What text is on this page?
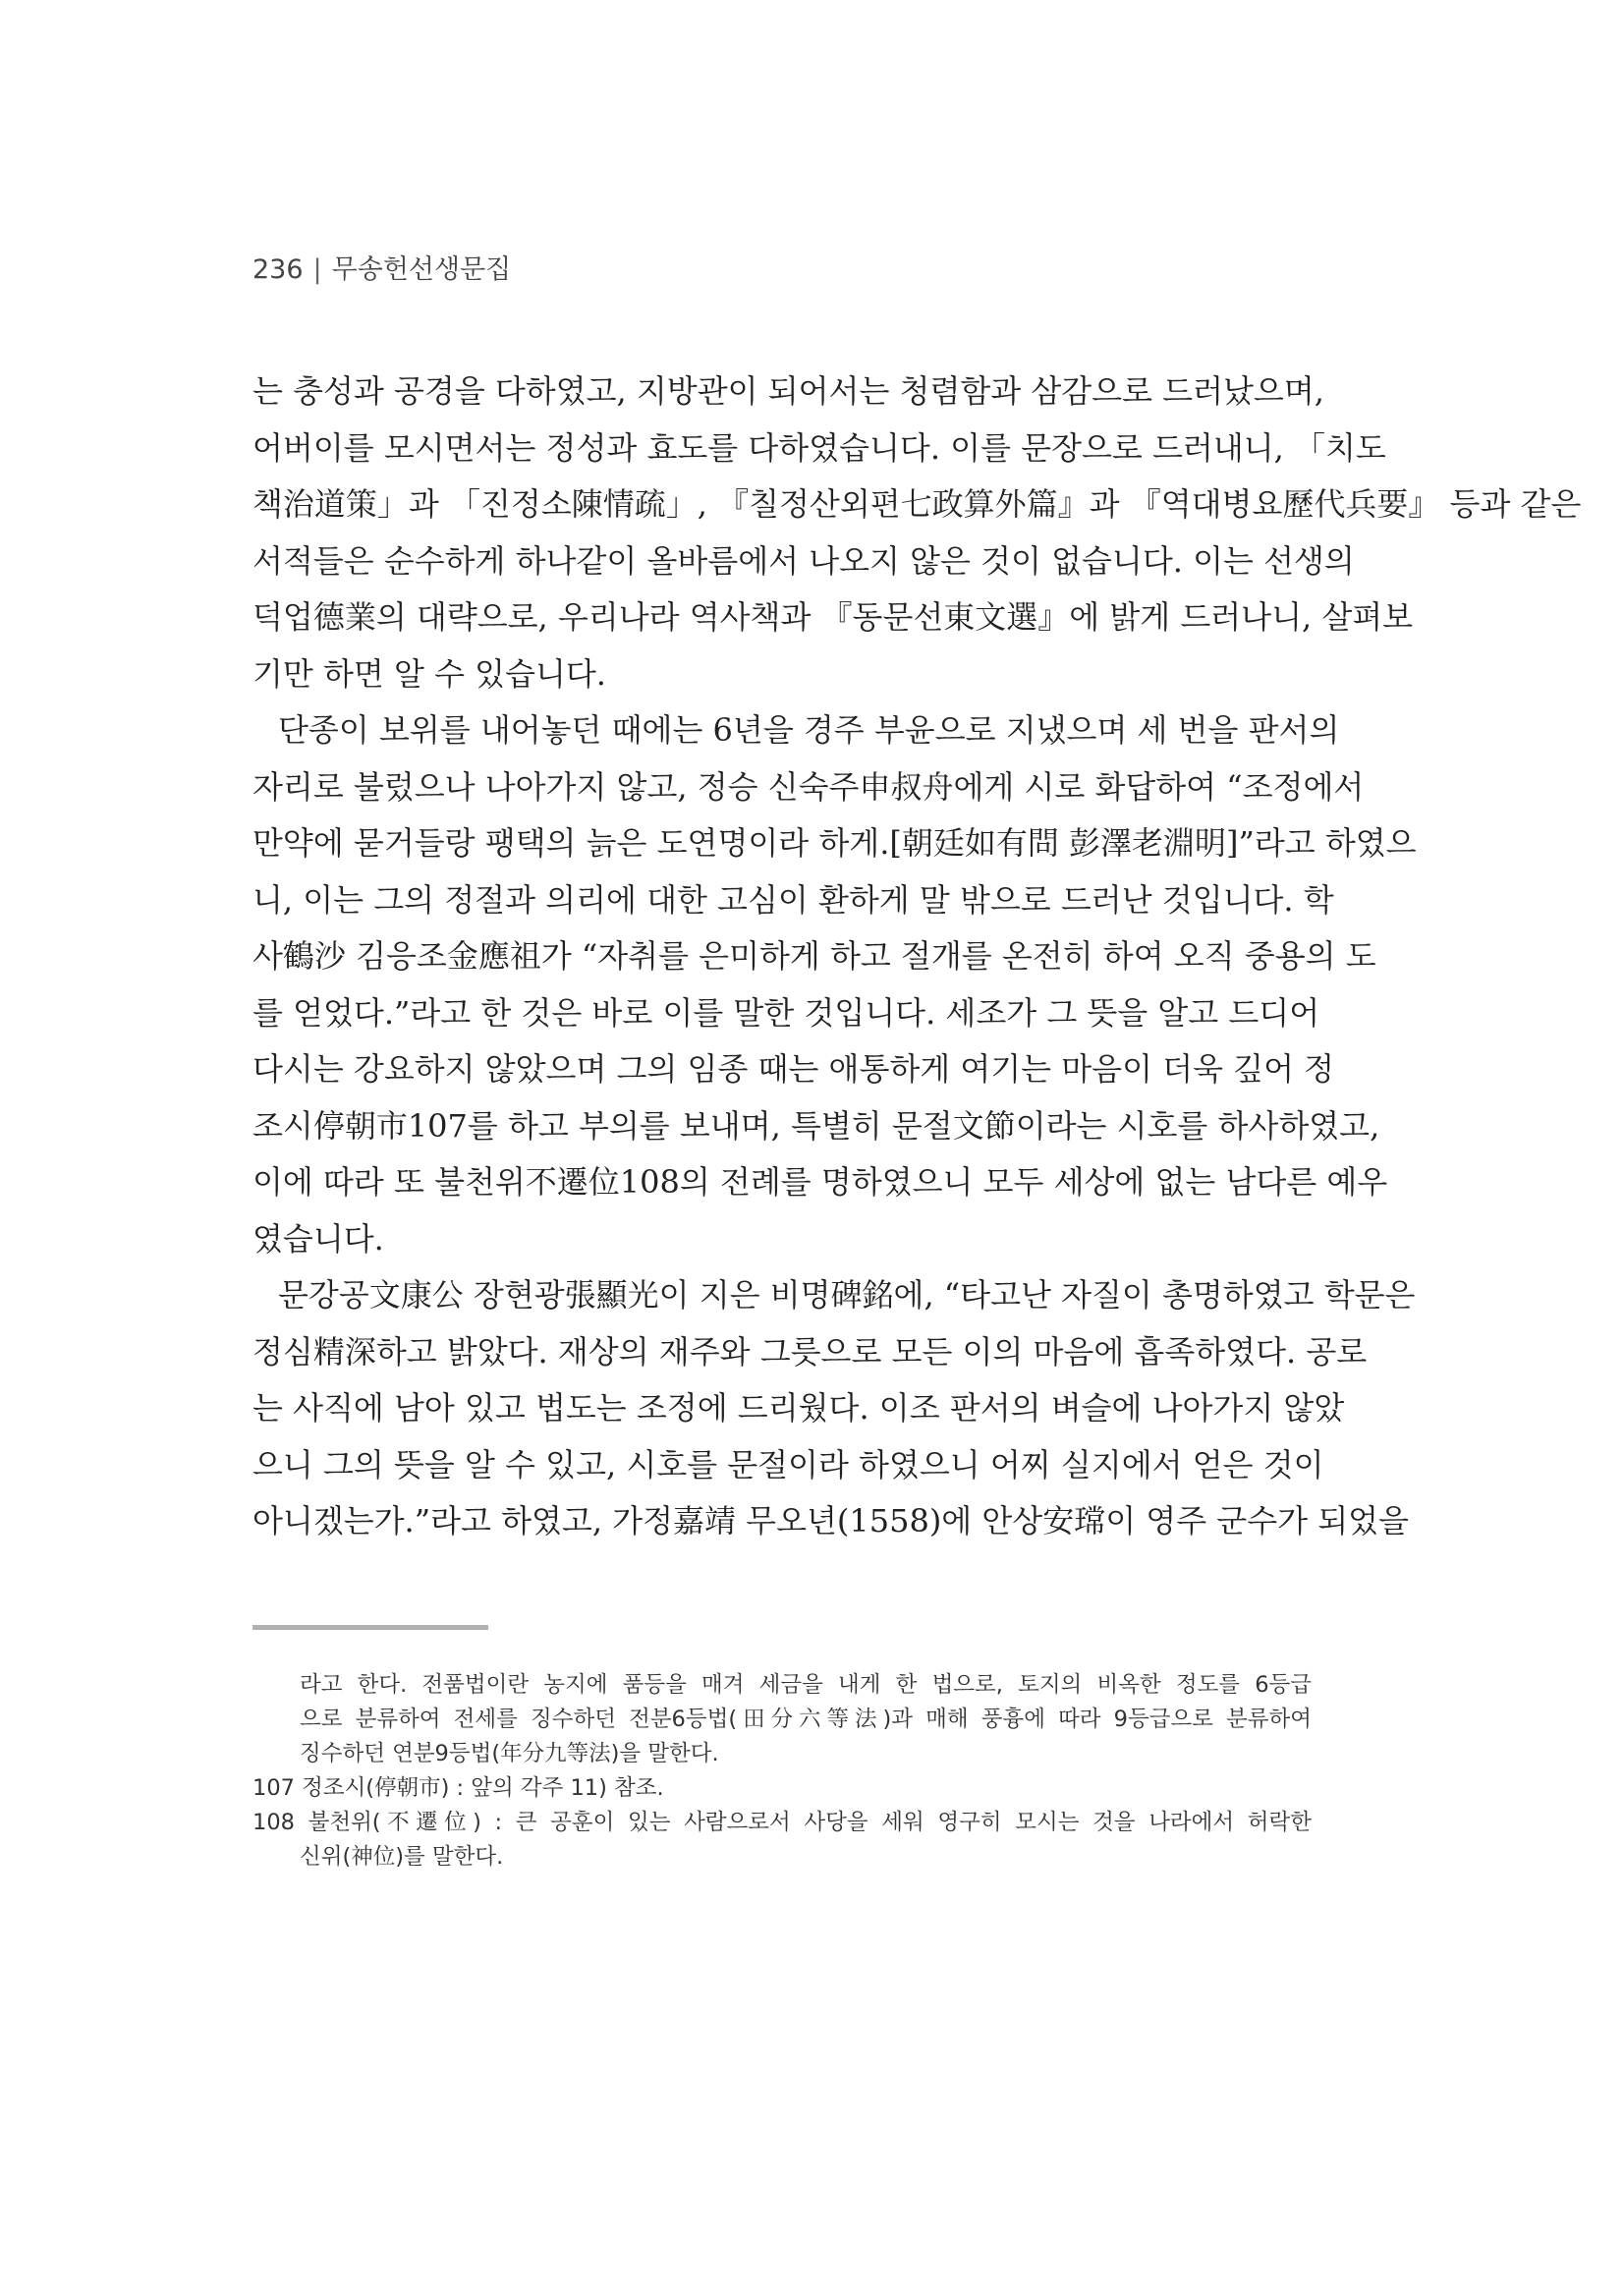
236 | 무송헌선생문집
는 충성과 공경을 다하였고, 지방관이 되어서는 청렴함과 삼감으로 드러났으며,
어버이를 모시면서는 정성과 효도를 다하였습니다. 이를 문장으로 드러내니, 「치도
책治道策」과 「진정소陳情疏」, 『칠정산외편七政算外篇』과 『역대병요歷代兵要』 등과 같은
서적들은 순수하게 하나같이 올바름에서 나오지 않은 것이 없습니다. 이는 선생의
덕업德業의 대략으로, 우리나라 역사책과 『동문선東文選』에 밝게 드러나니, 살펴보
기만 하면 알 수 있습니다.
단종이 보위를 내어놓던 때에는 6년을 경주 부윤으로 지냈으며 세 번을 판서의
자리로 불렀으나 나아가지 않고, 정승 신숙주申叔舟에게 시로 화답하여 “조정에서
만약에 묻거들랑 팽택의 늙은 도연명이라 하게.[朝廷如有問 彭澤老淵明]”라고 하였으
니, 이는 그의 정절과 의리에 대한 고심이 환하게 말 밖으로 드러난 것입니다. 학
사鶴沙 김응조金應祖가 “자취를 은미하게 하고 절개를 온전히 하여 오직 중용의 도
를 얻었다.”라고 한 것은 바로 이를 말한 것입니다. 세조가 그 뜻을 알고 드디어
다시는 강요하지 않았으며 그의 임종 때는 애통하게 여기는 마음이 더욱 깊어 정
조시停朝市107를 하고 부의를 보내며, 특별히 문절文節이라는 시호를 하사하였고,
이에 따라 또 불천위不遷位108의 전례를 명하였으니 모두 세상에 없는 남다른 예우
였습니다.
문강공文康公 장현광張顯光이 지은 비명碑銘에, “타고난 자질이 총명하였고 학문은
정심精深하고 밝았다. 재상의 재주와 그릇으로 모든 이의 마음에 흡족하였다. 공로
는 사직에 남아 있고 법도는 조정에 드리웠다. 이조 판서의 벼슬에 나아가지 않았
으니 그의 뜻을 알 수 있고, 시호를 문절이라 하였으니 어찌 실지에서 얻은 것이
아니겠는가.”라고 하였고, 가정嘉靖 무오년(1558)에 안상安瑺이 영주 군수가 되었을
라고 한다. 전품법이란 농지에 품등을 매겨 세금을 내게 한 법으로, 토지의 비옥한 정도를 6등급
으로 분류하여 전세를 징수하던 전분6등법(田分六等法)과 매해 풍흉에 따라 9등급으로 분류하여
징수하던 연분9등법(年分九等法)을 말한다.
107 정조시(停朝市) : 앞의 각주 11) 참조.
108 불천위(不遷位) : 큰 공훈이 있는 사람으로서 사당을 세워 영구히 모시는 것을 나라에서 허락한
신위(神位)를 말한다.
